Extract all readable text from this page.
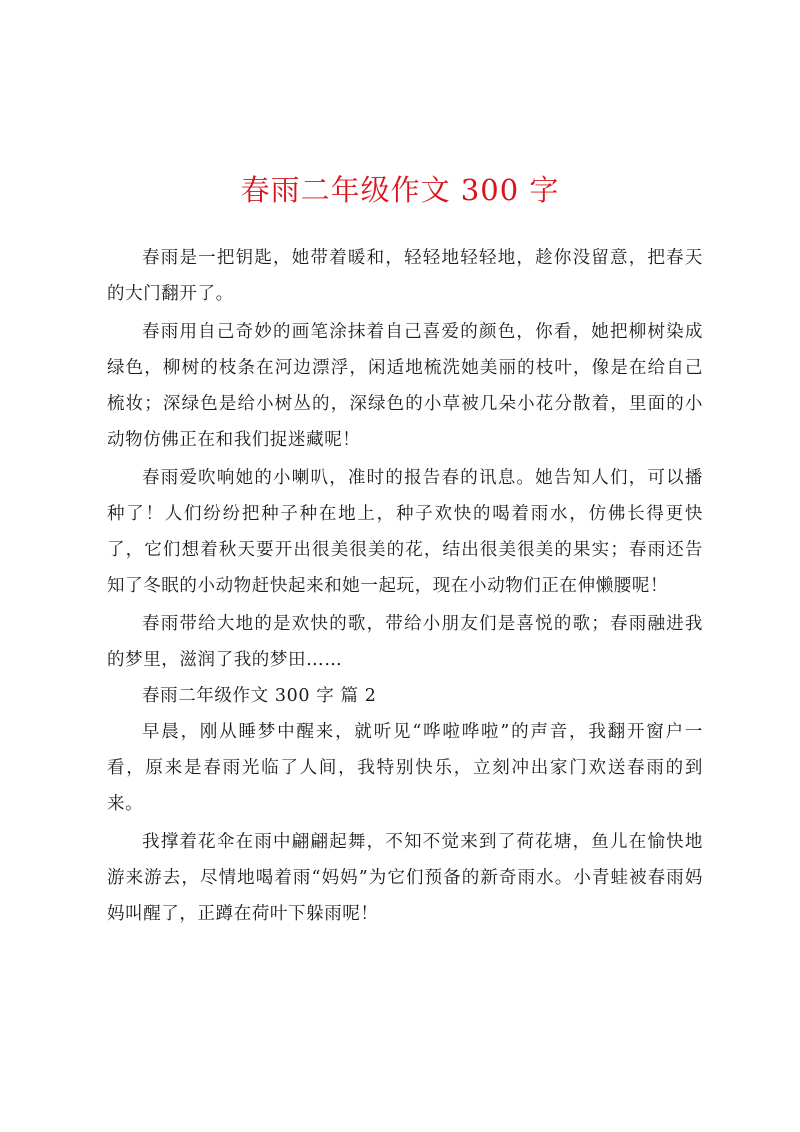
春雨二年级作文 300 字

春雨是一把钥匙，她带着暖和，轻轻地轻轻地，趁你没留意，把春天的大门翻开了。

春雨用自己奇妙的画笔涂抹着自己喜爱的颜色，你看，她把柳树染成绿色，柳树的枝条在河边漂浮，闲适地梳洗她美丽的枝叶，像是在给自己梳妆；深绿色是给小树丛的，深绿色的小草被几朵小花分散着，里面的小动物仿佛正在和我们捉迷藏呢！

春雨爱吹响她的小喇叭，准时的报告春的讯息。她告知人们，可以播种了！人们纷纷把种子种在地上，种子欢快的喝着雨水，仿佛长得更快了，它们想着秋天要开出很美很美的花，结出很美很美的果实；春雨还告知了冬眠的小动物赶快起来和她一起玩，现在小动物们正在伸懒腰呢！

春雨带给大地的是欢快的歌，带给小朋友们是喜悦的歌；春雨融进我的梦里，滋润了我的梦田……

春雨二年级作文 300 字 篇 2

早晨，刚从睡梦中醒来，就听见“哗啦哗啦”的声音，我翻开窗户一看，原来是春雨光临了人间，我特别快乐，立刻冲出家门欢送春雨的到来。

我撑着花伞在雨中翩翩起舞，不知不觉来到了荷花塘，鱼儿在愉快地游来游去，尽情地喝着雨“妈妈”为它们预备的新奇雨水。小青蛙被春雨妈妈叫醒了，正蹲在荷叶下躲雨呢！
